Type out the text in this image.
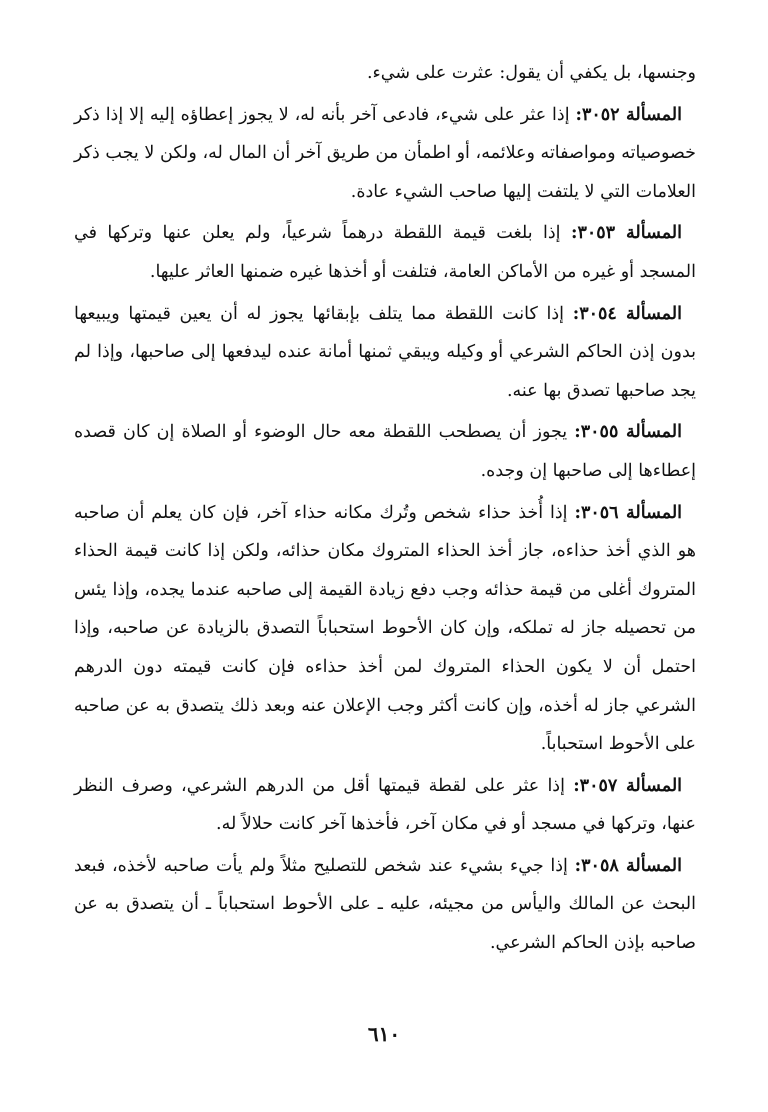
وجنسها، بل يكفي أن يقول: عثرت على شيء.

المسألة ٣٠٥٢: إذا عثر على شيء، فادعى آخر بأنه له، لا يجوز إعطاؤه إليه إلا إذا ذكر خصوصياته ومواصفاته وعلائمه، أو اطمأن من طريق آخر أن المال له، ولكن لا يجب ذكر العلامات التي لا يلتفت إليها صاحب الشيء عادة.

المسألة ٣٠٥٣: إذا بلغت قيمة اللقطة درهماً شرعياً، ولم يعلن عنها وتركها في المسجد أو غيره من الأماكن العامة، فتلفت أو أخذها غيره ضمنها العاثر عليها.

المسألة ٣٠٥٤: إذا كانت اللقطة مما يتلف بإبقائها يجوز له أن يعين قيمتها ويبيعها بدون إذن الحاكم الشرعي أو وكيله ويبقي ثمنها أمانة عنده ليدفعها إلى صاحبها، وإذا لم يجد صاحبها تصدق بها عنه.

المسألة ٣٠٥٥: يجوز أن يصطحب اللقطة معه حال الوضوء أو الصلاة إن كان قصده إعطاءها إلى صاحبها إن وجده.

المسألة ٣٠٥٦: إذا أُخذ حذاء شخص وتُرك مكانه حذاء آخر، فإن كان يعلم أن صاحبه هو الذي أخذ حذاءه، جاز أخذ الحذاء المتروك مكان حذائه، ولكن إذا كانت قيمة الحذاء المتروك أغلى من قيمة حذائه وجب دفع زيادة القيمة إلى صاحبه عندما يجده، وإذا يئس من تحصيله جاز له تملكه، وإن كان الأحوط استحباباً التصدق بالزيادة عن صاحبه، وإذا احتمل أن لا يكون الحذاء المتروك لمن أخذ حذاءه فإن كانت قيمته دون الدرهم الشرعي جاز له أخذه، وإن كانت أكثر وجب الإعلان عنه وبعد ذلك يتصدق به عن صاحبه على الأحوط استحباباً.

المسألة ٣٠٥٧: إذا عثر على لقطة قيمتها أقل من الدرهم الشرعي، وصرف النظر عنها، وتركها في مسجد أو في مكان آخر، فأخذها آخر كانت حلالاً له.

المسألة ٣٠٥٨: إذا جيء بشيء عند شخص للتصليح مثلاً ولم يأت صاحبه لأخذه، فبعد البحث عن المالك واليأس من مجيئه، عليه ـ على الأحوط استحباباً ـ أن يتصدق به عن صاحبه بإذن الحاكم الشرعي.

٦١٠
